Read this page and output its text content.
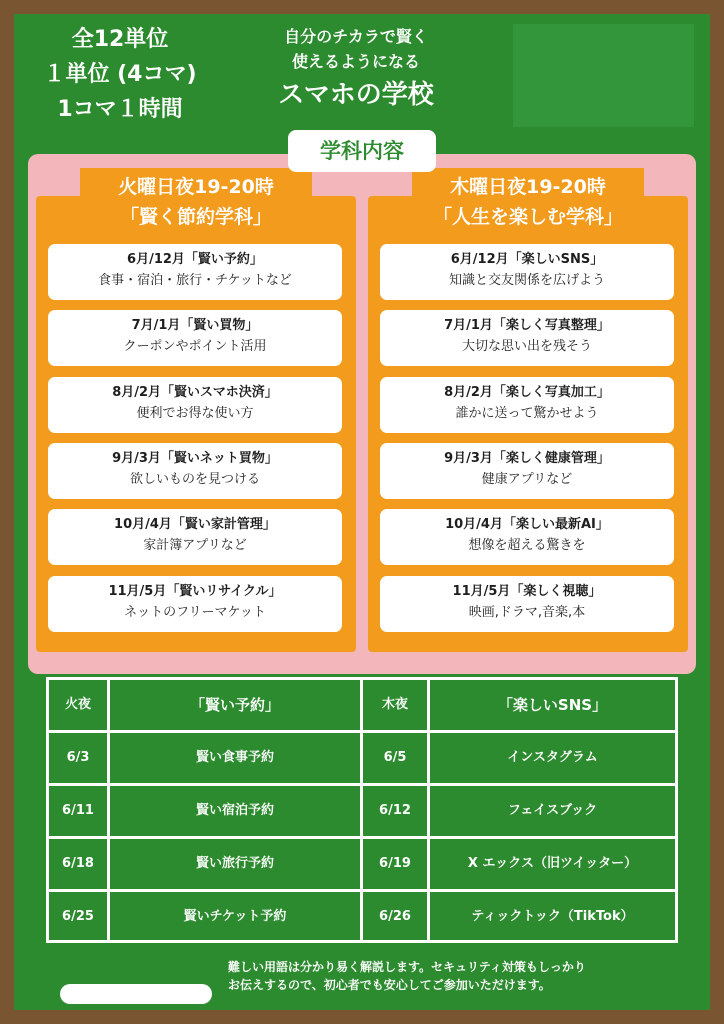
全12単位
１単位 (4コマ)
1コマ１時間
自分のチカラで賢く
使えるようになる
スマホの学校
火曜日夜19-20時
「賢く節約学科」
6月/12月「賢い予約」
食事・宿泊・旅行・チケットなど
7月/1月「賢い買物」
クーポンやポイント活用
8月/2月「賢いスマホ決済」
便利でお得な使い方
9月/3月「賢いネット買物」
欲しいものを見つける
10月/4月「賢い家計管理」
家計簿アプリなど
11月/5月「賢いリサイクル」
ネットのフリーマケット
木曜日夜19-20時
「人生を楽しむ学科」
6月/12月「楽しいSNS」
知識と交友関係を広げよう
7月/1月「楽しく写真整理」
大切な思い出を残そう
8月/2月「楽しく写真加工」
誰かに送って驚かせよう
9月/3月「楽しく健康管理」
健康アプリなど
10月/4月「楽しい最新AI」
想像を超える驚きを
11月/5月「楽しく視聴」
映画,ドラマ,音楽,本
学科内容
火夜	「賢い予約」	木夜	「楽しいSNS」
6/3	賢い食事予約	6/5	インスタグラム
6/11	賢い宿泊予約	6/12	フェイスブック
6/18	賢い旅行予約	6/19	X エックス（旧ツイッター）
6/25	賢いチケット予約	6/26	ティックトック（TikTok）
難しい用語は分かり易く解説します。セキュリティ対策もしっかり
お伝えするので、初心者でも安心してご参加いただけます。
